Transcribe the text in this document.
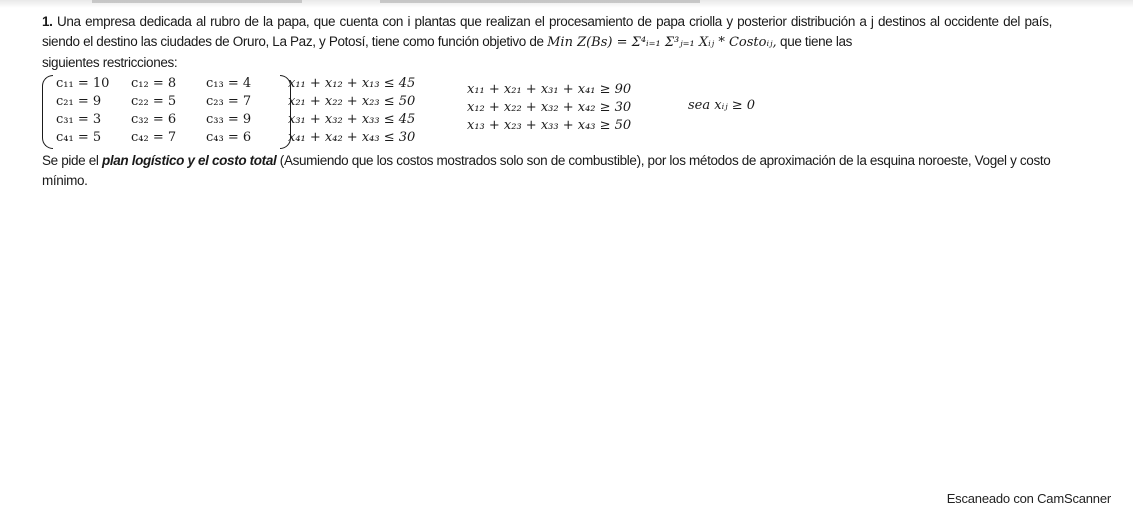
1. Una empresa dedicada al rubro de la papa, que cuenta con i plantas que realizan el procesamiento de papa criolla y posterior distribución a j destinos al occidente del país, siendo el destino las ciudades de Oruro, La Paz, y Potosí, tiene como función objetivo de Min Z(Bs) = Σ⁴ᵢ₌₁ Σ³ⱼ₌₁ Xᵢⱼ * Costoᵢⱼ, que tiene las

siguientes restricciones:

c₁₁ = 10	c₁₂ = 8	c₁₃ = 4
c₂₁ = 9	c₂₂ = 5	c₂₃ = 7
c₃₁ = 3	c₃₂ = 6	c₃₃ = 9
c₄₁ = 5	c₄₂ = 7	c₄₃ = 6
x₁₁ + x₁₂ + x₁₃ ≤ 45
x₂₁ + x₂₂ + x₂₃ ≤ 50
x₃₁ + x₃₂ + x₃₃ ≤ 45
x₄₁ + x₄₂ + x₄₃ ≤ 30
x₁₁ + x₂₁ + x₃₁ + x₄₁ ≥ 90
x₁₂ + x₂₂ + x₃₂ + x₄₂ ≥ 30
x₁₃ + x₂₃ + x₃₃ + x₄₃ ≥ 50
sea xᵢⱼ ≥ 0

Se pide el plan logístico y el costo total (Asumiendo que los costos mostrados solo son de combustible), por los métodos de aproximación de la esquina noroeste, Vogel y costo mínimo.

Escaneado con CamScanner
